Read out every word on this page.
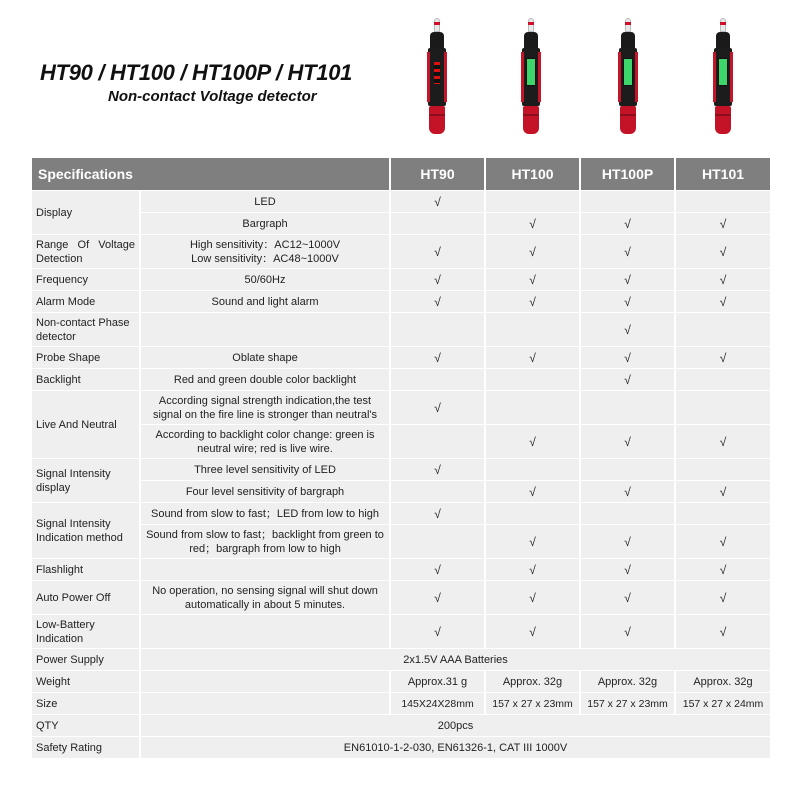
HT90 / HT100 / HT100P / HT101
Non-contact Voltage detector
Specifications		HT90	HT100	HT100P	HT101
Display	LED	√			
	Bargraph		√	√	√
Range Of Voltage Detection	High sensitivity：AC12~1000V
Low sensitivity：AC48~1000V	√	√	√	√
Frequency	50/60Hz	√	√	√	√
Alarm Mode	Sound and light alarm	√	√	√	√
Non-contact Phase detector				√	
Probe Shape	Oblate shape	√	√	√	√
Backlight	Red and green double color backlight			√	
Live And Neutral	According signal strength indication,the test signal on the fire line is stronger than neutral's	√			
	According to backlight color change: green is neutral wire; red is live wire.		√	√	√
Signal Intensity display	Three level sensitivity of LED	√			
	Four level sensitivity of bargraph		√	√	√
Signal Intensity Indication method	Sound from slow to fast；LED from low to high	√			
	Sound from slow to fast；backlight from green to red；bargraph from low to high		√	√	√
Flashlight		√	√	√	√
Auto Power Off	No operation, no sensing signal will shut down automatically in about 5 minutes.	√	√	√	√
Low-Battery Indication		√	√	√	√
Power Supply	2x1.5V AAA Batteries				
Weight		Approx.31 g	Approx. 32g	Approx. 32g	Approx. 32g
Size		145X24X28mm	157 x 27 x 23mm	157 x 27 x 23mm	157 x 27 x 24mm
QTY	200pcs				
Safety Rating	EN61010-1-2-030, EN61326-1, CAT III 1000V				
